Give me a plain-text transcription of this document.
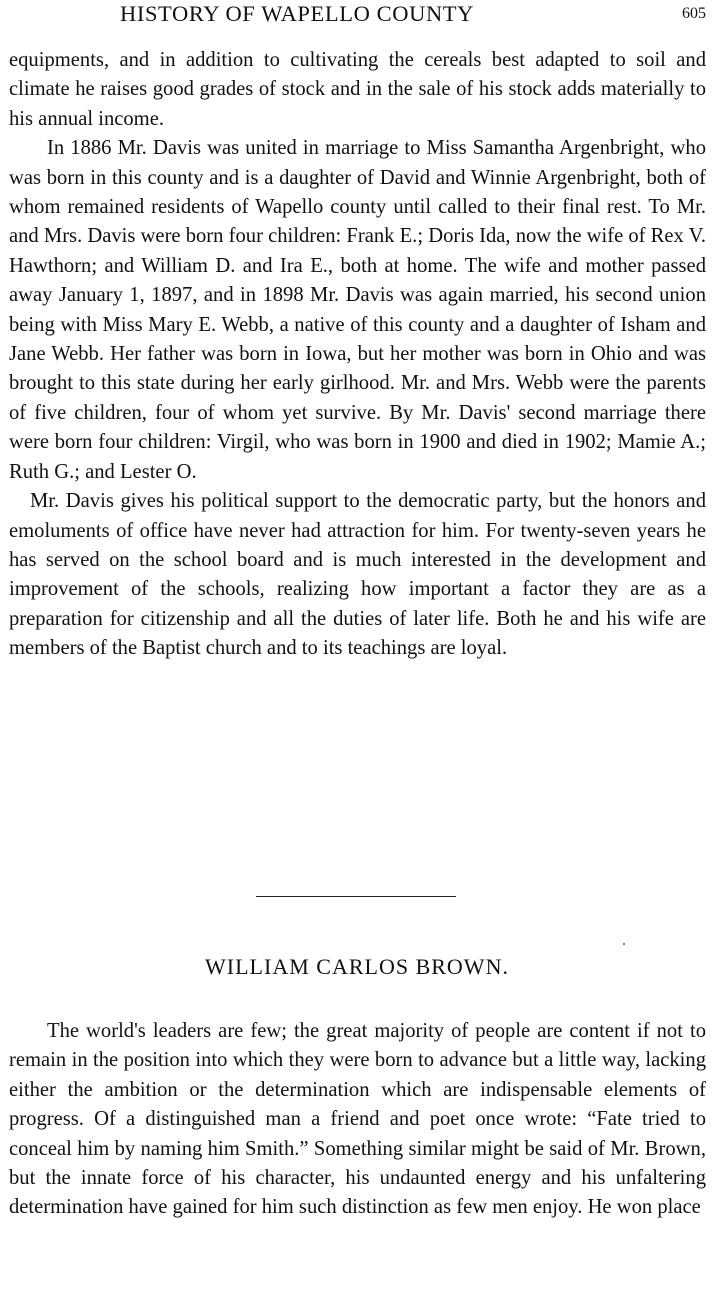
HISTORY OF WAPELLO COUNTY	605

equipments, and in addition to cultivating the cereals best adapted to soil and climate he raises good grades of stock and in the sale of his stock adds materially to his annual income.

In 1886 Mr. Davis was united in marriage to Miss Samantha Argenbright, who was born in this county and is a daughter of David and Winnie Argenbright, both of whom remained residents of Wapello county until called to their final rest. To Mr. and Mrs. Davis were born four children: Frank E.; Doris Ida, now the wife of Rex V. Hawthorn; and William D. and Ira E., both at home. The wife and mother passed away January 1, 1897, and in 1898 Mr. Davis was again married, his second union being with Miss Mary E. Webb, a native of this county and a daughter of Isham and Jane Webb. Her father was born in Iowa, but her mother was born in Ohio and was brought to this state during her early girlhood. Mr. and Mrs. Webb were the parents of five children, four of whom yet survive. By Mr. Davis' second marriage there were born four children: Virgil, who was born in 1900 and died in 1902; Mamie A.; Ruth G.; and Lester O.

Mr. Davis gives his political support to the democratic party, but the honors and emoluments of office have never had attraction for him. For twenty-seven years he has served on the school board and is much interested in the development and improvement of the schools, realizing how important a factor they are as a preparation for citizenship and all the duties of later life. Both he and his wife are members of the Baptist church and to its teachings are loyal.

WILLIAM CARLOS BROWN.

The world's leaders are few; the great majority of people are content if not to remain in the position into which they were born to advance but a little way, lacking either the ambition or the determination which are indispensable elements of progress. Of a distinguished man a friend and poet once wrote: “Fate tried to conceal him by naming him Smith.” Something similar might be said of Mr. Brown, but the innate force of his character, his undaunted energy and his unfaltering determination have gained for him such distinction as few men enjoy. He won place
